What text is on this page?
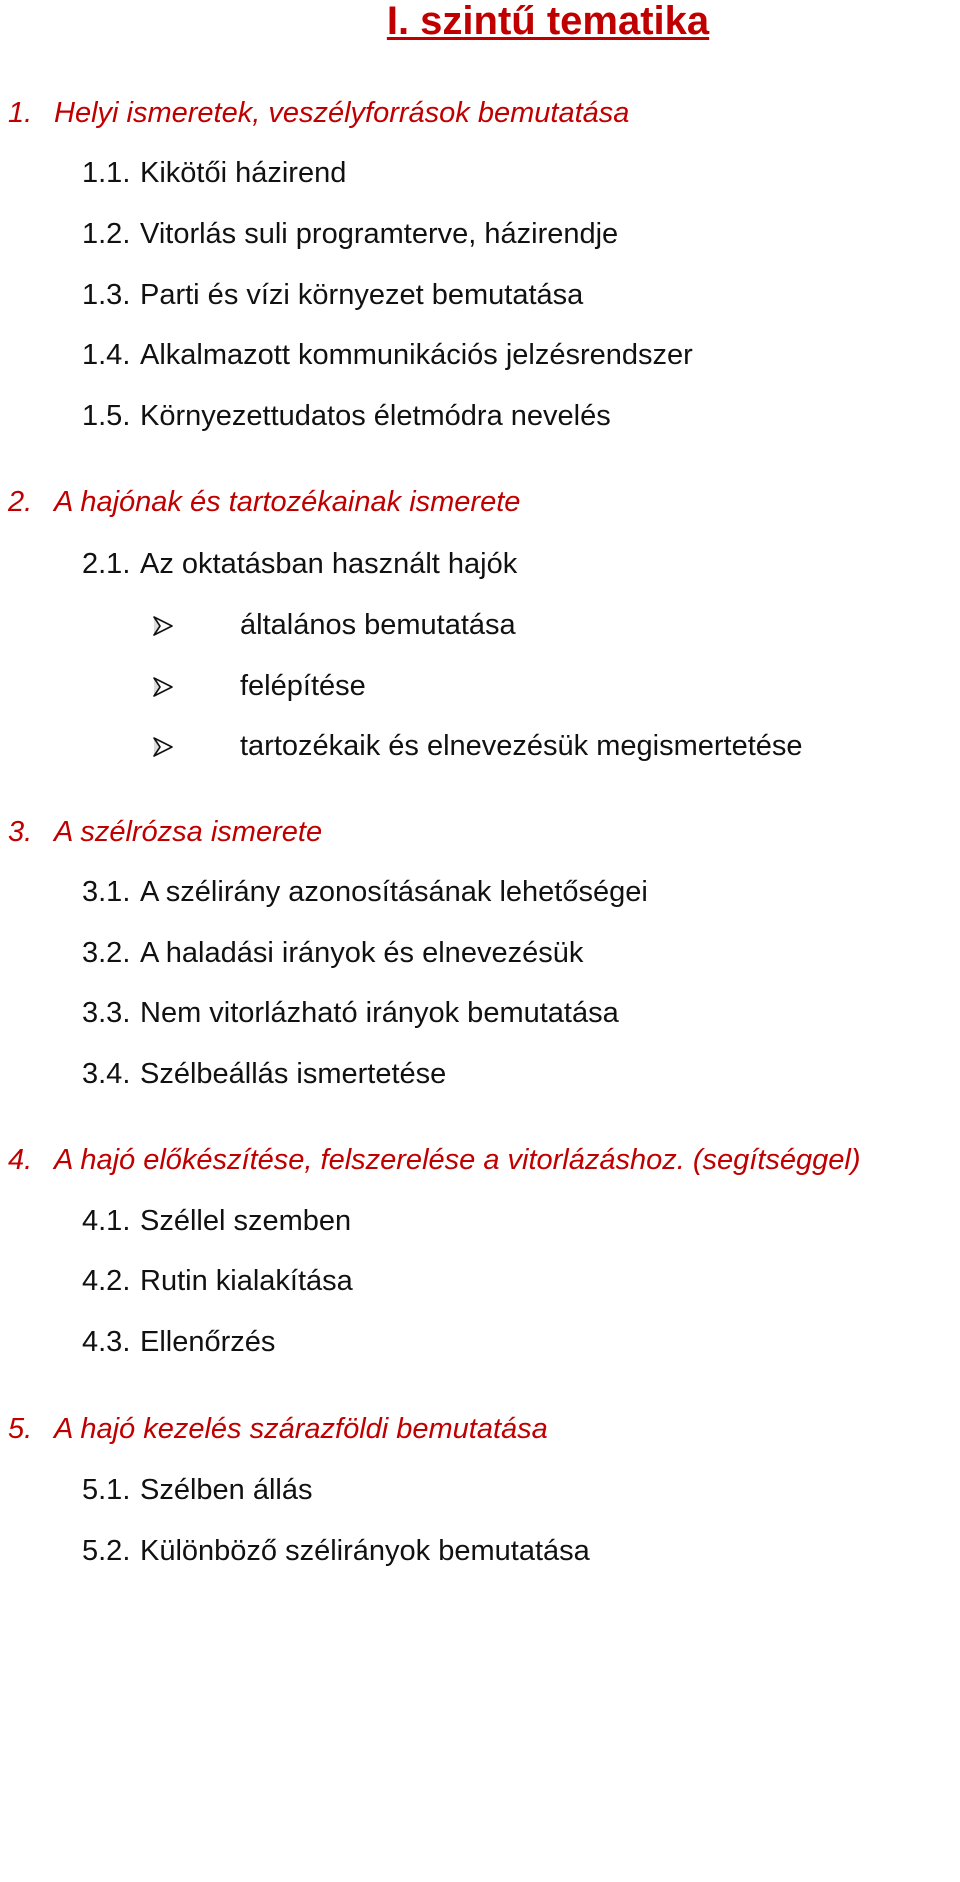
I. szintű tematika
1. Helyi ismeretek, veszélyforrások bemutatása
1.1. Kikötői házirend
1.2. Vitorlás suli programterve, házirendje
1.3. Parti és vízi környezet bemutatása
1.4. Alkalmazott kommunikációs jelzésrendszer
1.5. Környezettudatos életmódra nevelés
2. A hajónak és tartozékainak ismerete
2.1. Az oktatásban használt hajók
általános bemutatása
felépítése
tartozékaik és elnevezésük megismertetése
3. A szélrózsa ismerete
3.1. A szélirány azonosításának lehetőségei
3.2. A haladási irányok és elnevezésük
3.3. Nem vitorlázható irányok bemutatása
3.4. Szélbeállás ismertetése
4. A hajó előkészítése, felszerelése a vitorlázáshoz. (segítséggel)
4.1. Széllel szemben
4.2. Rutin kialakítása
4.3. Ellenőrzés
5. A hajó kezelés szárazföldi bemutatása
5.1. Szélben állás
5.2. Különböző szélirányok bemutatása
